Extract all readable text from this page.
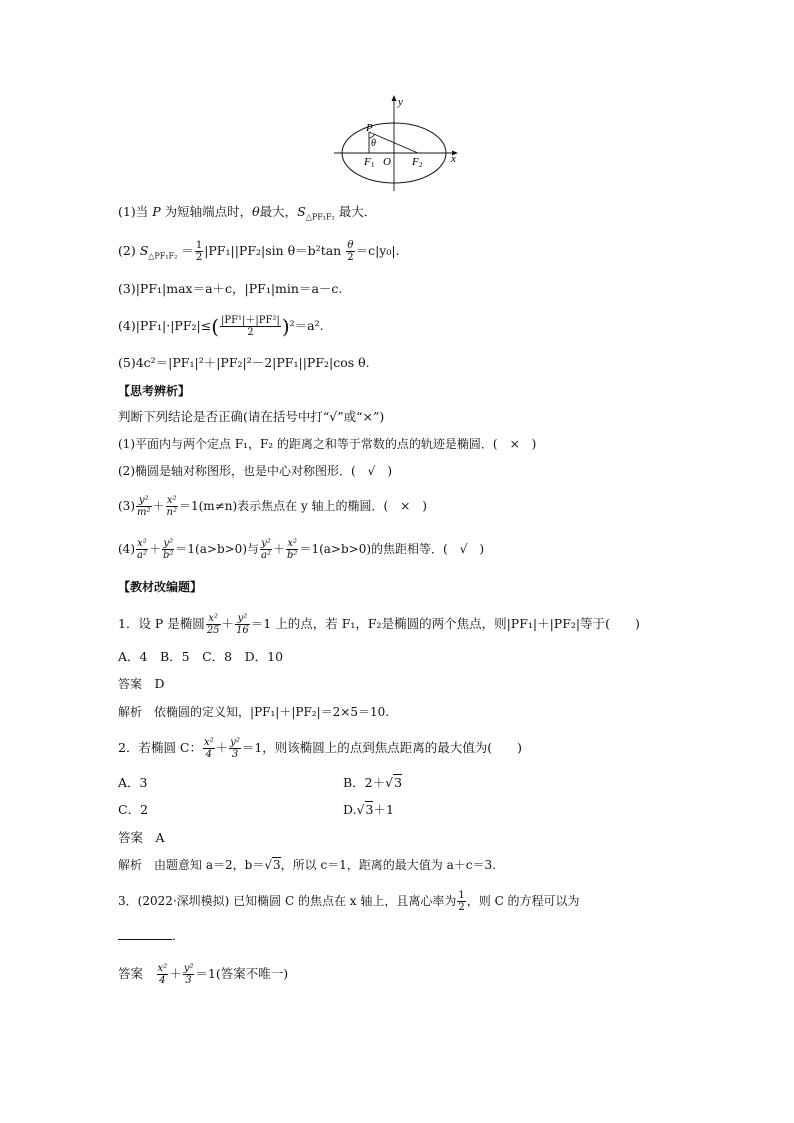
y
x
P
θ
F 1 O F 2
(1)当 P 为短轴端点时，θ最大，$S_{\triangle PF_1F_2}$ 最大．
(2) $S_{\triangle PF_1F_2} = \frac{1}{2} |PF_1||PF_2|\sin$ $\theta=b^2\tan \frac{\theta}{2} =c|y_0|$.
(3)|PF₁|max＝a＋c，|PF₁|min＝a－c.
$(4)|PF_1|\cdot|PF_2|\le( \frac{\text{|PF¹|＋|PF²|}}{2} )^2=a^2$.
(5)4c²＝|PF₁|²＋|PF₂|²－2|PF₁||PF₂|cos θ.
【思考辨析】
判断下列结论是否正确(请在括号中打“√”或“×”)
(1)平面内与两个定点 F₁，F₂ 的距离之和等于常数的点的轨迹是椭圆．(　×　)
(2)椭圆是轴对称图形，也是中心对称图形．(　√　)
$(3) \frac{\text{y²}}{\text{m²}} + \frac{\text{x²}}{\text{n²}} =1(m\ne n)$表示焦点在 y 轴上的椭圆．(　×　)
$(4) \frac{\text{x²}}{\text{a²}} + \frac{\text{y²}}{\text{b²}} =1(a>b>0)$与 $\frac{\text{y²}}{\text{a²}} + \frac{\text{x²}}{\text{b²}} =1(a>b>0)$的焦距相等．(　√　)
【教材改编题】
1．设 P 是椭圆 $\frac{\text{x²}}{25} + \frac{\text{y²}}{16} =1$ 上的点，若 F₁，F₂是椭圆的两个焦点，则|PF₁|＋|PF₂|等于(　　)
A．4　B．5　C．8　D．10
答案　 D
解析　 依椭圆的定义知，|PF₁|＋|PF₂|＝2×5＝10.
2．若椭圆 C： $\frac{\text{x²}}{4} + \frac{\text{y²}}{3} =1$，则该椭圆上的点到焦点距离的最大值为(　　)
A．3	B．2＋√3
C．2	D.√3＋1
答案　 A
解析　 由题意知 a＝2，b＝√3，所以 c＝1，距离的最大值为 a＋c＝3.
3．(2022·深圳模拟) 已知椭圆 C 的焦点在 x 轴上，且离心率为 $\frac{1}{2}$ ，则 C 的方程可以为
．
答案　 $\frac{\text{x²}}{4} + \frac{\text{y²}}{3} =1$(答案不唯一)
